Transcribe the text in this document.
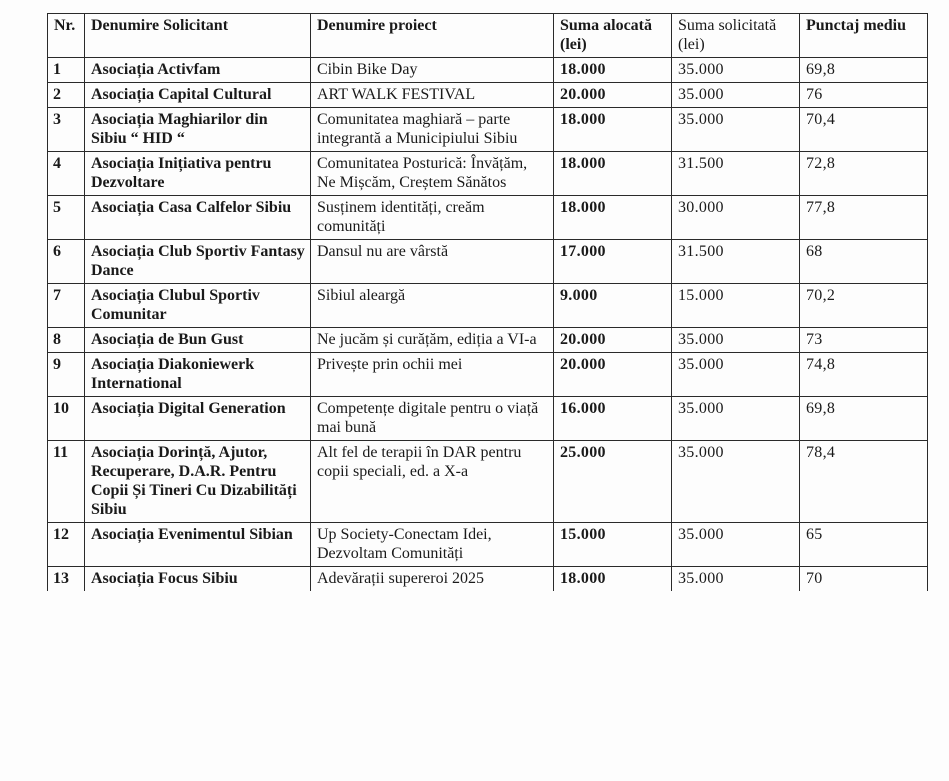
Nr.	Denumire Solicitant	Denumire proiect	Suma alocată (lei)	Suma solicitată (lei)	Punctaj mediu
1	Asociația Activfam	Cibin Bike Day	18.000	35.000	69,8
2	Asociația Capital Cultural	ART WALK FESTIVAL	20.000	35.000	76
3	Asociația Maghiarilor din Sibiu “ HID “	Comunitatea maghiară – parte integrantă a Municipiului Sibiu	18.000	35.000	70,4
4	Asociația Inițiativa pentru Dezvoltare	Comunitatea Posturică: Învățăm, Ne Mișcăm, Creștem Sănătos	18.000	31.500	72,8
5	Asociația Casa Calfelor Sibiu	Susținem identități, creăm comunități	18.000	30.000	77,8
6	Asociația Club Sportiv Fantasy Dance	Dansul nu are vârstă	17.000	31.500	68
7	Asociația Clubul Sportiv Comunitar	Sibiul aleargă	9.000	15.000	70,2
8	Asociația de Bun Gust	Ne jucăm și curățăm, ediția a VI-a	20.000	35.000	73
9	Asociația Diakoniewerk International	Privește prin ochii mei	20.000	35.000	74,8
10	Asociația Digital Generation	Competențe digitale pentru o viață mai bună	16.000	35.000	69,8
11	Asociația Dorință, Ajutor, Recuperare, D.A.R. Pentru Copii Și Tineri Cu Dizabilități Sibiu	Alt fel de terapii în DAR pentru copii speciali, ed. a X-a	25.000	35.000	78,4
12	Asociația Evenimentul Sibian	Up Society-Conectam Idei, Dezvoltam Comunități	15.000	35.000	65
13	Asociația Focus Sibiu	Adevărații supereroi 2025	18.000	35.000	70
